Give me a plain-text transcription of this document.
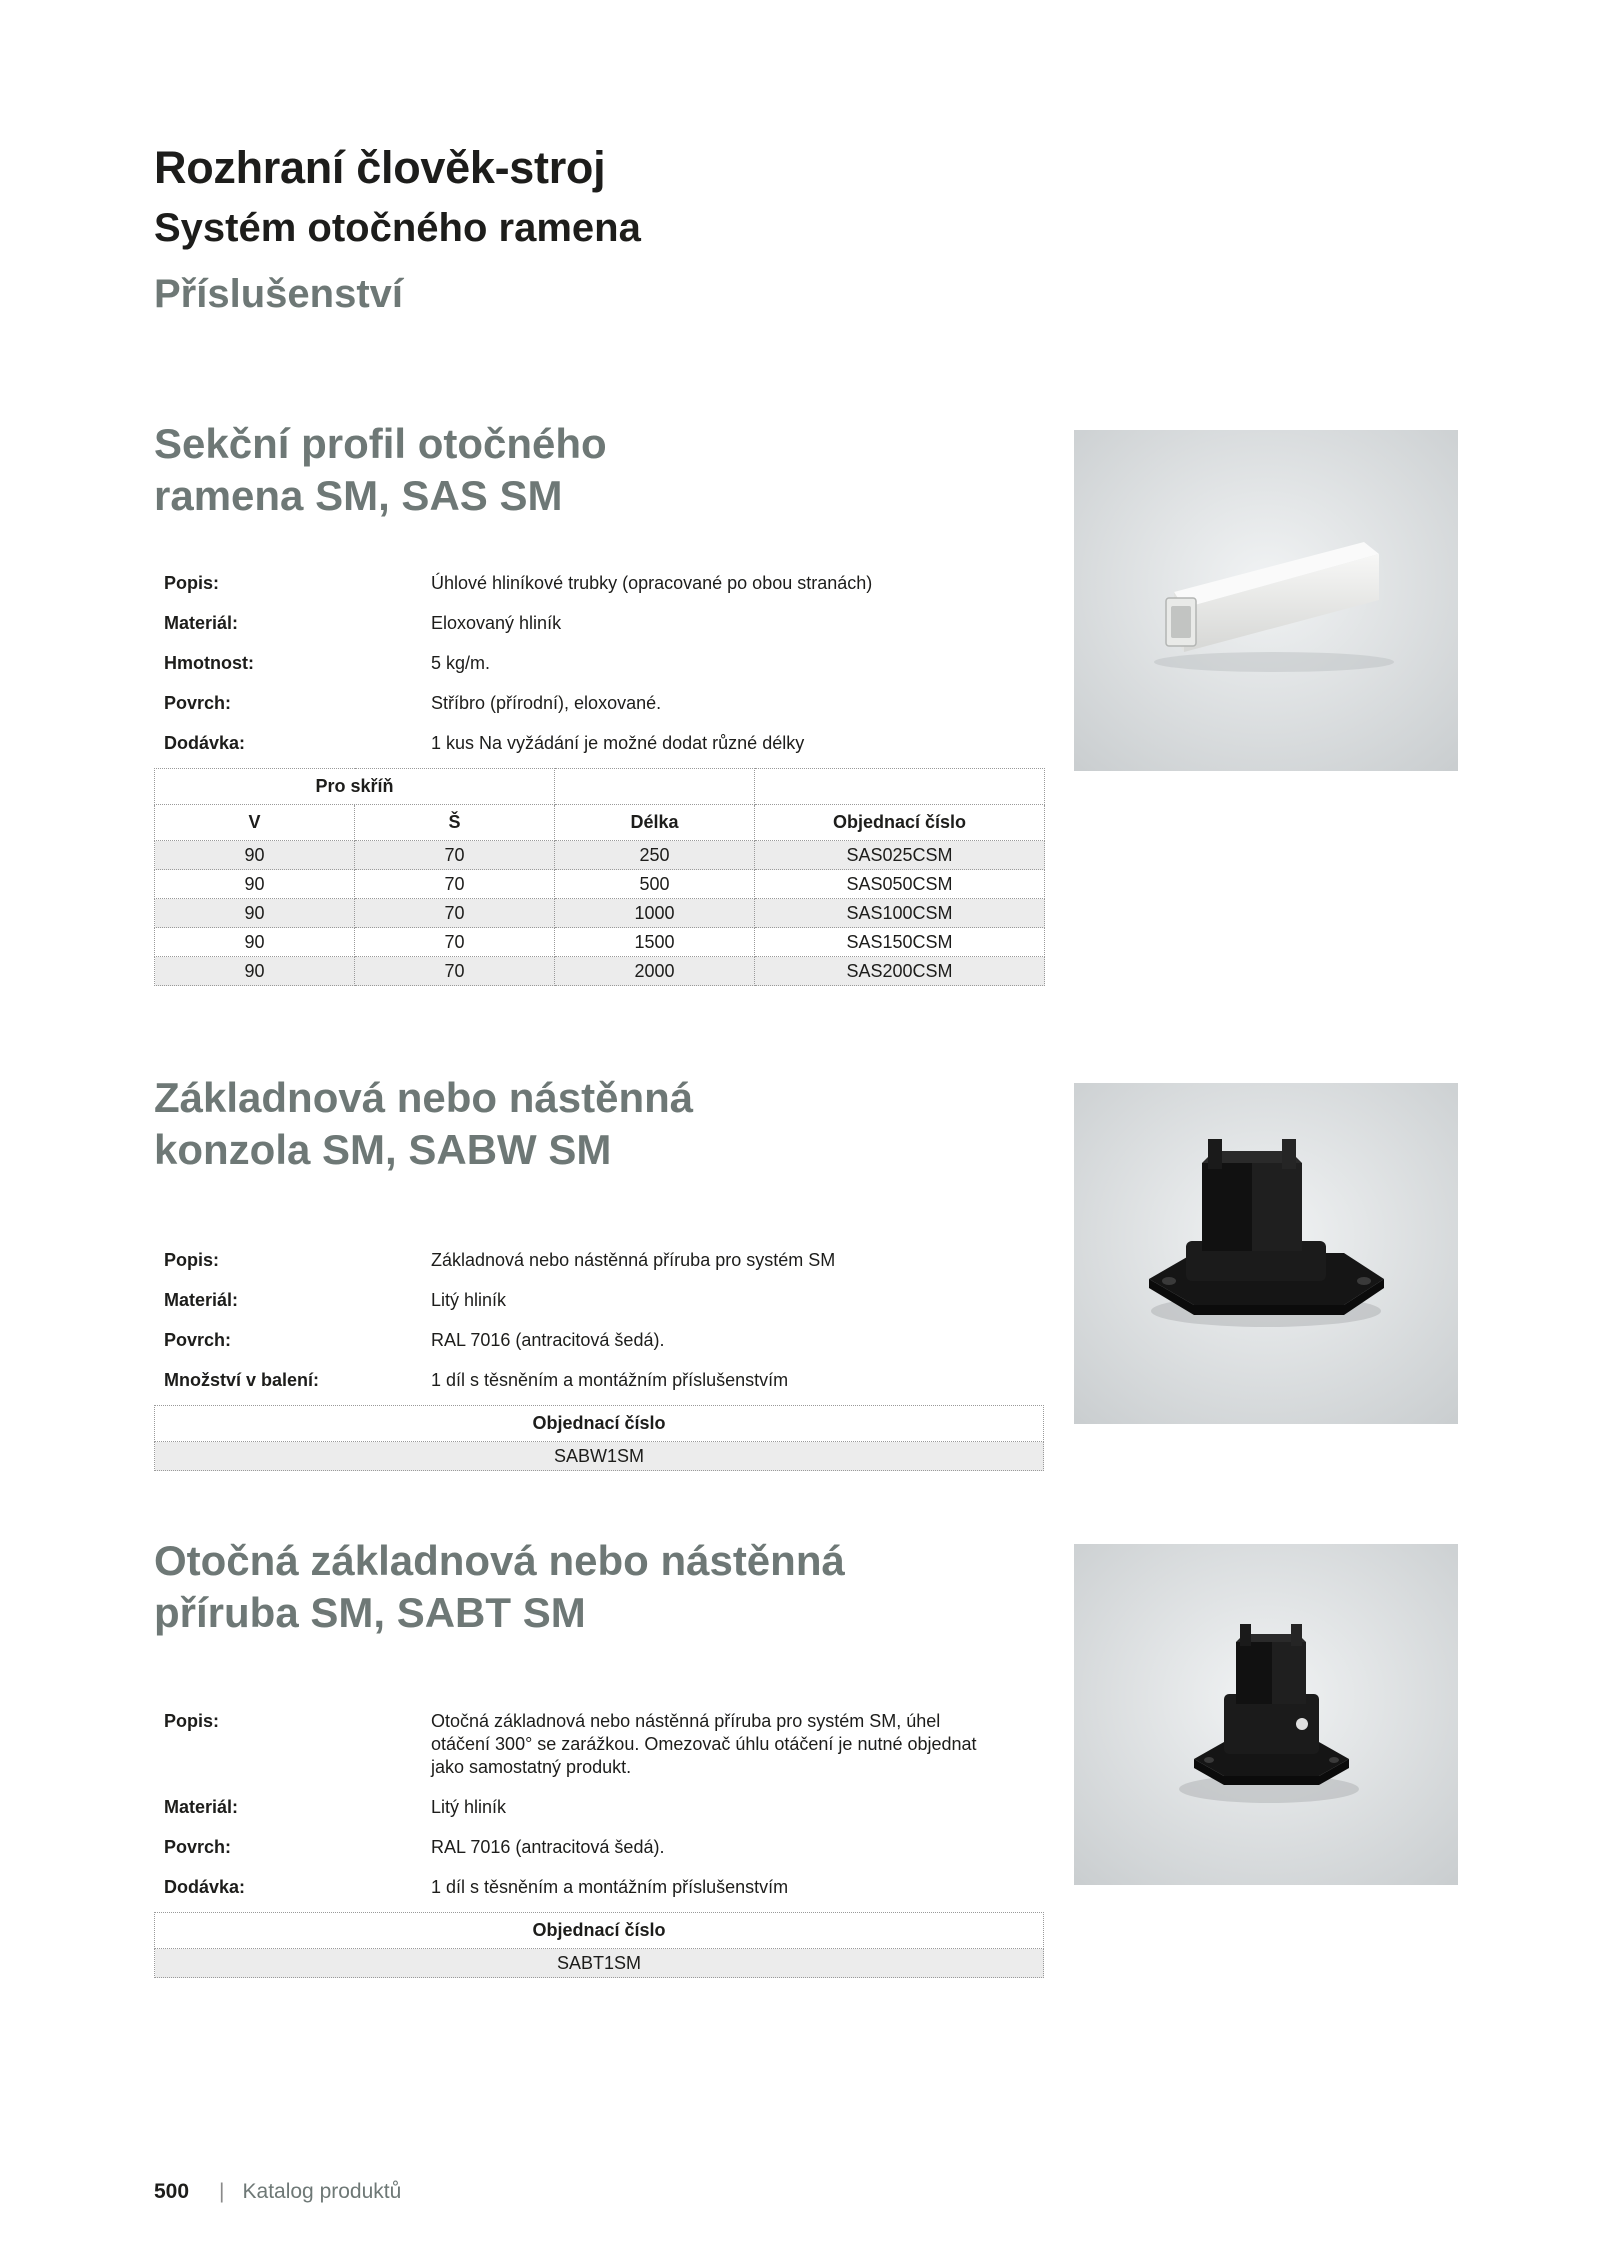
Rozhraní člověk-stroj
Systém otočného ramena
Příslušenství
Sekční profil otočného
ramena SM, SAS SM
Popis:	Úhlové hliníkové trubky (opracované po obou stranách)
Materiál:	Eloxovaný hliník
Hmotnost:	5 kg/m.
Povrch:	Stříbro (přírodní), eloxované.
Dodávka:	1 kus Na vyžádání je možné dodat různé délky
Pro skříň			
V	Š	Délka	Objednací číslo
90	70	250	SAS025CSM
90	70	500	SAS050CSM
90	70	1000	SAS100CSM
90	70	1500	SAS150CSM
90	70	2000	SAS200CSM
Základnová nebo nástěnná
konzola SM, SABW SM
Popis:	Základnová nebo nástěnná příruba pro systém SM
Materiál:	Litý hliník
Povrch:	RAL 7016 (antracitová šedá).
Množství v balení:	1 díl s těsněním a montážním příslušenstvím
Objednací číslo
SABW1SM
Otočná základnová nebo nástěnná
příruba SM, SABT SM
Popis:	Otočná základnová nebo nástěnná příruba pro systém SM, úhel otáčení 300° se zarážkou. Omezovač úhlu otáčení je nutné objednat jako samostatný produkt.
Materiál:	Litý hliník
Povrch:	RAL 7016 (antracitová šedá).
Dodávka:	1 díl s těsněním a montážním příslušenstvím
Objednací číslo
SABT1SM
500 | Katalog produktů
